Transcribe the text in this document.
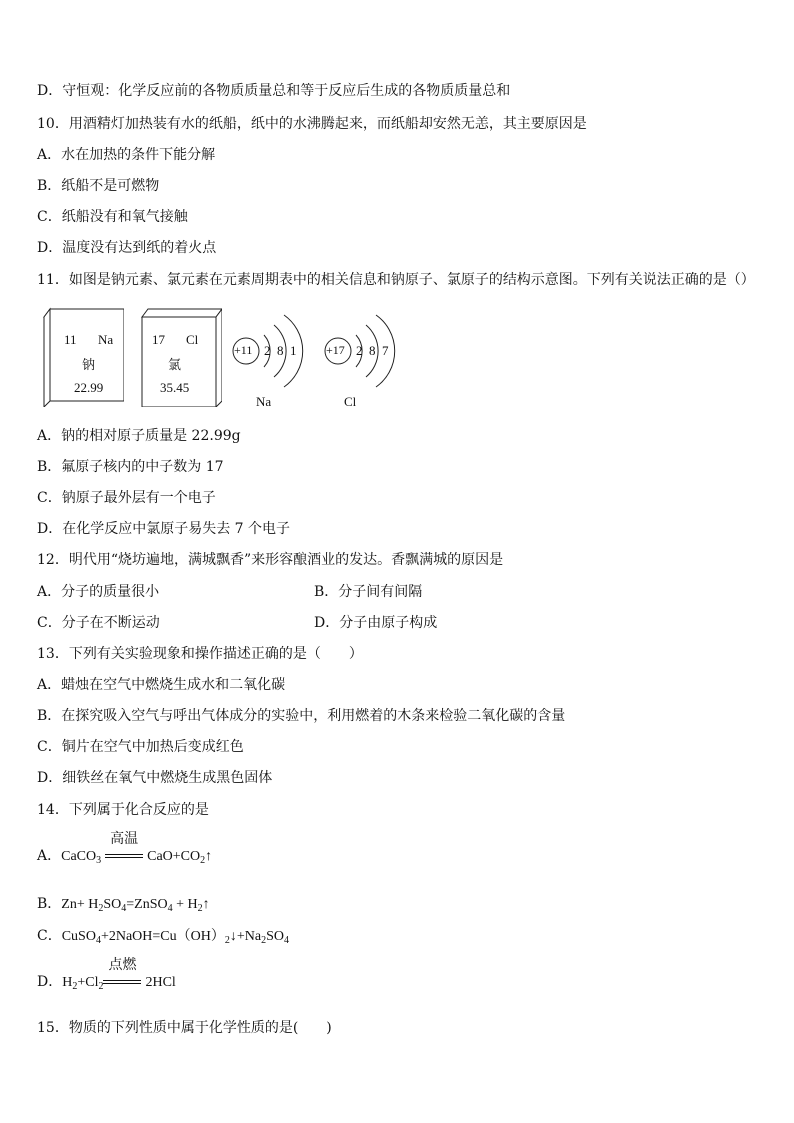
D．守恒观：化学反应前的各物质质量总和等于反应后生成的各物质质量总和
10．用酒精灯加热装有水的纸船，纸中的水沸腾起来，而纸船却安然无恙，其主要原因是
A．水在加热的条件下能分解
B．纸船不是可燃物
C．纸船没有和氧气接触
D．温度没有达到纸的着火点
11．如图是钠元素、氯元素在元素周期表中的相关信息和钠原子、氯原子的结构示意图。下列有关说法正确的是（）
11 Na
钠
22.99
17 Cl
氯
35.45
+11 2 8 1
Na
+17 2 8 7
Cl
A．钠的相对原子质量是 22.99g
B．氟原子核内的中子数为 17
C．钠原子最外层有一个电子
D．在化学反应中氯原子易失去 7 个电子
12．明代用“烧坊遍地，满城飘香”来形容酿酒业的发达。香飘满城的原因是
A．分子的质量很小	B．分子间有间隔
C．分子在不断运动	D．分子由原子构成
13．下列有关实验现象和操作描述正确的是（　　）
A．蜡烛在空气中燃烧生成水和二氧化碳
B．在探究吸入空气与呼出气体成分的实验中，利用燃着的木条来检验二氧化碳的含量
C．铜片在空气中加热后变成红色
D．细铁丝在氧气中燃烧生成黑色固体
14．下列属于化合反应的是
A．CaCO$_3$
高温
$CaO+CO_2↑$
B．$Zn+ H_2SO_4=ZnSO_4$ + $H_2↑$
C．$CuSO_4+2NaOH=Cu(OH)_2↓+Na_2SO_4$
D．$H_2+Cl_2$
点燃
2HCl
15．物质的下列性质中属于化学性质的是(　　)
